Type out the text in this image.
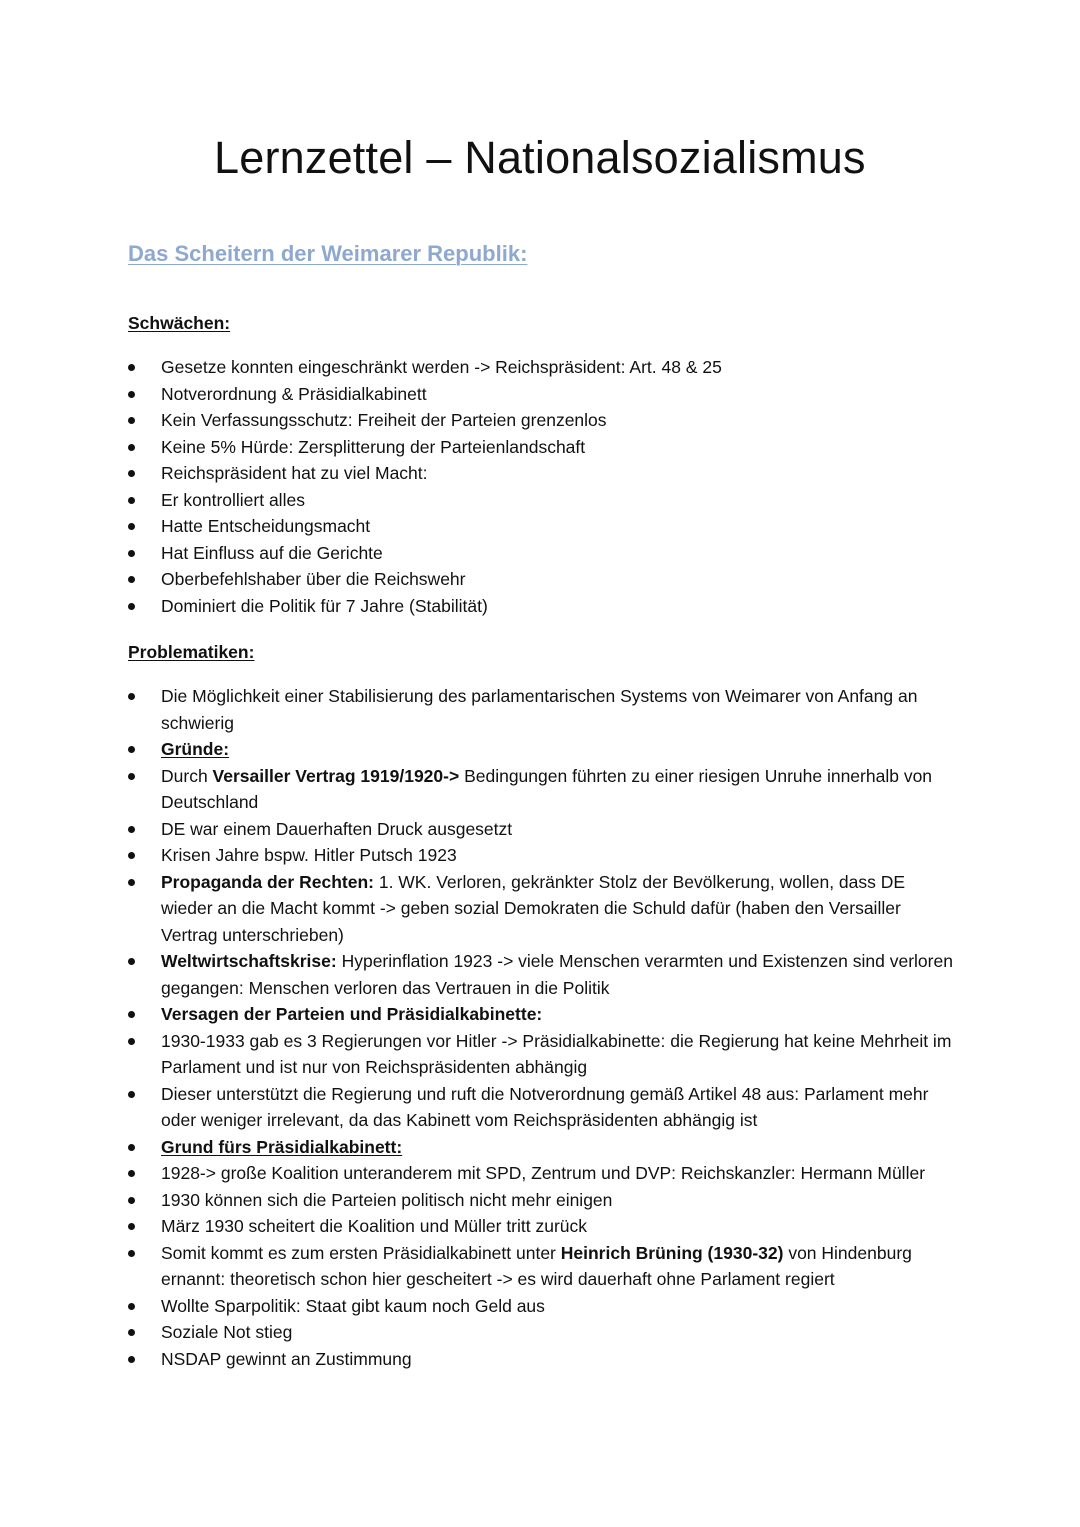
Lernzettel – Nationalsozialismus
Das Scheitern der Weimarer Republik:
Schwächen:
Gesetze konnten eingeschränkt werden -> Reichspräsident: Art. 48 & 25
Notverordnung & Präsidialkabinett
Kein Verfassungsschutz: Freiheit der Parteien grenzenlos
Keine 5% Hürde: Zersplitterung der Parteienlandschaft
Reichspräsident hat zu viel Macht:
Er kontrolliert alles
Hatte Entscheidungsmacht
Hat Einfluss auf die Gerichte
Oberbefehlshaber über die Reichswehr
Dominiert die Politik für 7 Jahre (Stabilität)
Problematiken:
Die Möglichkeit einer Stabilisierung des parlamentarischen Systems von Weimarer von Anfang an schwierig
Gründe:
Durch Versailler Vertrag 1919/1920-> Bedingungen führten zu einer riesigen Unruhe innerhalb von Deutschland
DE war einem Dauerhaften Druck ausgesetzt
Krisen Jahre bspw. Hitler Putsch 1923
Propaganda der Rechten: 1. WK. Verloren, gekränkter Stolz der Bevölkerung, wollen, dass DE wieder an die Macht kommt -> geben sozial Demokraten die Schuld dafür (haben den Versailler Vertrag unterschrieben)
Weltwirtschaftskrise: Hyperinflation 1923 -> viele Menschen verarmten und Existenzen sind verloren gegangen: Menschen verloren das Vertrauen in die Politik
Versagen der Parteien und Präsidialkabinette:
1930-1933 gab es 3 Regierungen vor Hitler -> Präsidialkabinette: die Regierung hat keine Mehrheit im Parlament und ist nur von Reichspräsidenten abhängig
Dieser unterstützt die Regierung und ruft die Notverordnung gemäß Artikel 48 aus: Parlament mehr oder weniger irrelevant, da das Kabinett vom Reichspräsidenten abhängig ist
Grund fürs Präsidialkabinett:
1928-> große Koalition unteranderem mit SPD, Zentrum und DVP: Reichskanzler: Hermann Müller
1930 können sich die Parteien politisch nicht mehr einigen
März 1930 scheitert die Koalition und Müller tritt zurück
Somit kommt es zum ersten Präsidialkabinett unter Heinrich Brüning (1930-32) von Hindenburg ernannt: theoretisch schon hier gescheitert -> es wird dauerhaft ohne Parlament regiert
Wollte Sparpolitik: Staat gibt kaum noch Geld aus
Soziale Not stieg
NSDAP gewinnt an Zustimmung
